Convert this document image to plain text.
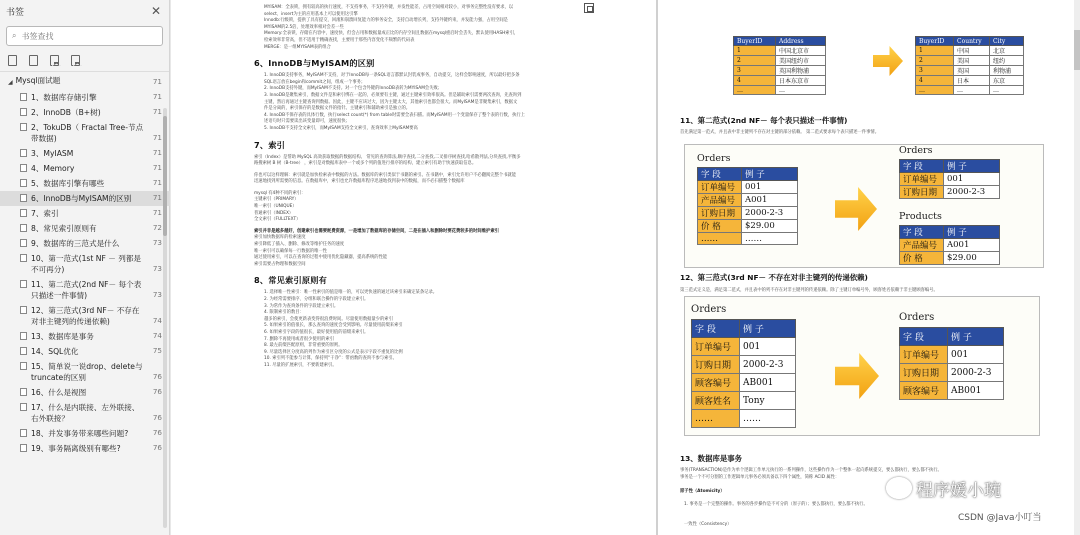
书签	✕
⌕
书签查找
◢ Mysql面试题	71
1、数据库存储引擎	71
2、InnoDB（B+树)	71
2、TokuDB（ Fractal Tree-节点带数据)	71
3、MyIASM	71
4、Memory	71
5、数据库引擎有哪些	71
6、InnoDB与MyISAM的区别	71
7、索引	71
8、常见索引原则有	72
9、数据库的三范式是什么	73
10、第一范式(1st NF － 列都是不可再分)	73
11、第二范式(2nd NF－ 每个表只描述一件事情)	73
12、第三范式(3rd NF－ 不存在对非主键列的传递依赖)	74
13、数据库是事务	74
14、SQL优化	75
15、简单说一说drop、delete与truncate的区别	76
16、什么是视图	76
17、什么是内联接、左外联接、右外联接？	76
18、并发事务带来哪些问题?	76
19、事务隔离级别有哪些?	76
MYISAM：全表锁，拥有较高的执行速度，不支持事务，不支持外键，并发性能差，占用空间相对较小，对事务完整性没有要求，以
select、insert为主的应用基本上可以使用这引擎
Innodb:行级锁，提供了具有提交、回滚和崩溃回复能力的事务安全，支持自动增长列，支持外键约束，并发能力强，占用空间是
MYISAM的2.5倍，处理效率相对会差一些
Memory:全表锁，存储在内容中，速度快，但会占用和数据量成正比的内存空间且数据在mysql重启时会丢失，默认使用HASH索引，
检索效率非常高，但不适用于精确查找，主要用于那些内容变化不频繁的代码表
MERGE：是一组MYISAM表的组合
6、InnoDB与MyISAM的区别
1. InnoDB支持事务，MyISAM不支持，对于InnoDB每一条SQL语言都默认封装成事务，自动提交，这样会影响速度，所以最好把多条
SQL语言放在begin和commit之间，组成一个事务；
2. InnoDB支持外键，而MyISAM不支持。对一个包含外键的InnoDB表转为MYISAM会失败；
3. InnoDB是聚集索引，数据文件是和索引绑在一起的，必须要有主键，通过主键索引效率很高。但是辅助索引需要两次查询，先查询到
主键，然后再通过主键查询到数据。因此，主键不应该过大，因为主键太大，其他索引也都会很大。而MyISAM是非聚集索引，数据文
件是分离的，索引保存的是数据文件的指针。主键索引和辅助索引是独立的。
4. InnoDB不保存表的具体行数，执行select count(*) from table时需要全表扫描。而MyISAM用一个变量保存了整个表的行数，执行上
述语句时只需要读出该变量即可，速度很快；
5. InnoDB不支持全文索引，而MyISAM支持全文索引，查询效率上MyISAM要高
7、索引
索引（Index）是帮助 MySQL 高效获取数据的数据结构。 常见的查询算法,顺序查找,二分查找,二叉排序树查找,哈希散列法,分块查找,平衡多
路搜索树 B 树（B-tree） ，索引是对数据库表中一个或多个列的值进行排序的结构，建立索引有助于快速获取信息。
你也可以这样理解：索引就是加快检索表中数据的方法。数据库的索引类似于书籍的索引。在书籍中，索引允许用户不必翻阅完整个书就能
迅速地找到所需要的信息。在数据库中，索引也允许数据库程序迅速地找到表中的数据，而不必扫描整个数据库
mysql 有4种不同的索引：
主键索引（PRIMARY）
唯一索引（UNIQUE）
普通索引（INDEX）
全文索引（FULLTEXT）
索引并非是越多越好，创建索引也需要耗费资源，一是增加了数据库的存储空间，二是在插入和删除时要花费较多的时间维护索引
索引加快数据库的检索速度
索引降低了插入、删除、修改等维护任务的速度
唯一索引可以确保每一行数据的唯一性
通过使用索引，可以在查询的过程中使用优化隐藏器，提高系统的性能
索引需要占物理和数据空间
8、常见索引原则有
1. 选择唯一性索引：唯一性索引的值是唯一的，可以更快速的通过该索引来确定某条记录。
2. 为经常需要排序、分组和联合操作的字段建立索引。
3. 为常作为查询条件的字段建立索引。
4. 限制索引的数目：
越多的索引，会使更新表变得很浪费时间。尽量使用数据量少的索引
5. 如果索引的值很长，那么查询的速度会受到影响。尽量使用前缀来索引
6. 如果索引字段的值很长，最好使用值的前缀来索引。
7. 删除不再使用或者很少使用的索引
8. 最左前缀匹配原则，非常重要的原则。
9. 尽量选择区分度高的列作为索引区分度的公式是表示字段不重复的比例
10. 索引列不能参与计算，保持列“干净”：带函数的查询不参与索引。
11. 尽量的扩展索引，不要新建索引。
BuyerID	Address
1	中国北京市
2	美国纽约市
3	英国利物浦
4	日本东京市
…	…
BuyerID	Country	City
1	中国	北京
2	美国	纽约
3	英国	利物浦
4	日本	东京
…	…	…
11、第二范式(2nd NF－ 每个表只描述一件事情)
首先满足第一范式，并且表中非主键列不存在对主键的部分依赖。 第二范式要求每个表只描述一件事情。
字 段	例 子
订单编号	001
产品编号	A001
订购日期	2000-2-3
价 格	$29.00
……	……
Orders
字 段	例 子
订单编号	001
订购日期	2000-2-3
Orders
字 段	例 子
产品编号	A001
价 格	$29.00
Products
12、第三范式(3rd NF－ 不存在对非主键列的传递依赖)
第三范式定义是，满足第二范式，并且表中的列不存在对非主键列的传递依赖。除了主键订单编号外，顾客姓名依赖于非主键顾客编号。
字 段	例 子
订单编号	001
订购日期	2000-2-3
顾客编号	AB001
顾客姓名	Tony
……	……
Orders
字 段	例 子
订单编号	001
订购日期	2000-2-3
顾客编号	AB001
Orders
13、数据库是事务
事务(TRANSACTION)是作为单个逻辑工作单元执行的一系列操作，这些操作作为一个整体一起向系统提交，要么都执行，要么都不执行。
事务是一个不可分割的工作逻辑单元事务必须具备以下四个属性，简称 ACID 属性：
原子性（Atomicity）
1. 事务是一个完整的操作。事务的各步操作是不可分的（原子的）；要么都执行，要么都不执行。
一致性（Consistency）
程序媛小琬
CSDN @Java小叮当
